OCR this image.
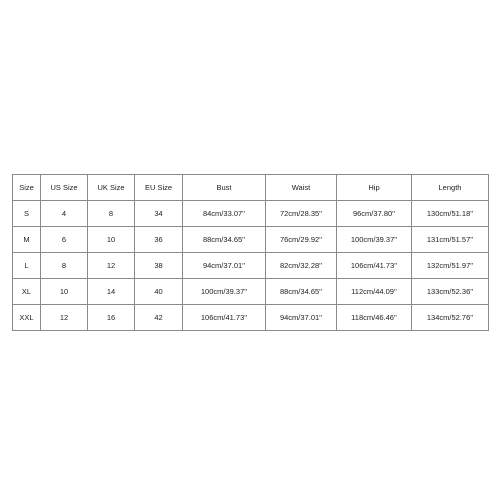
Size	US Size	UK Size	EU Size	Bust	Waist	Hip	Length
S	4	8	34	84cm/33.07''	72cm/28.35''	96cm/37.80''	130cm/51.18''
M	6	10	36	88cm/34.65''	76cm/29.92''	100cm/39.37''	131cm/51.57''
L	8	12	38	94cm/37.01''	82cm/32.28''	106cm/41.73''	132cm/51.97''
XL	10	14	40	100cm/39.37''	88cm/34.65''	112cm/44.09''	133cm/52.36''
XXL	12	16	42	106cm/41.73''	94cm/37.01''	118cm/46.46''	134cm/52.76''
